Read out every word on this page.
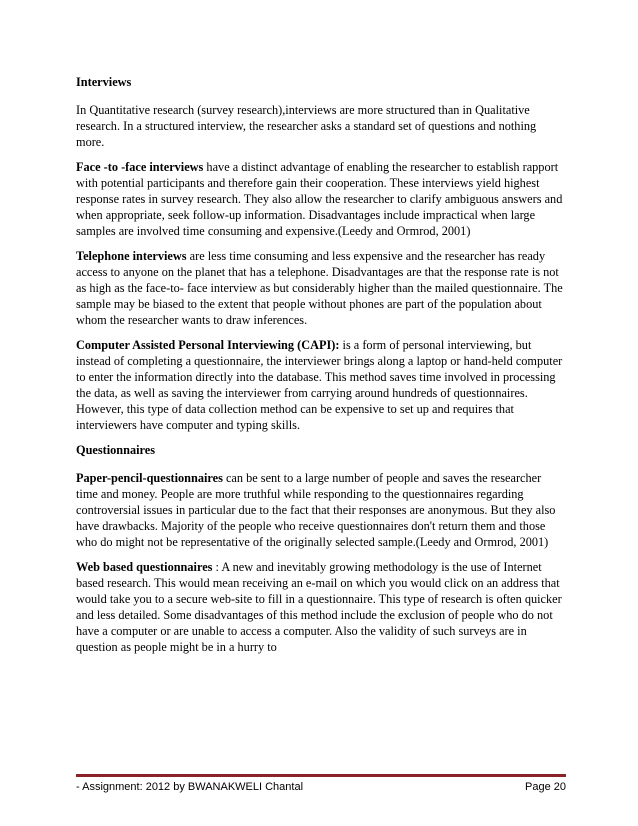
Interviews

In Quantitative research (survey research),interviews are more structured than in Qualitative research. In a structured interview, the researcher asks a standard set of questions and nothing more.

Face -to -face interviews have a distinct advantage of enabling the researcher to establish rapport with potential participants and therefore gain their cooperation. These interviews yield highest response rates in survey research. They also allow the researcher to clarify ambiguous answers and when appropriate, seek follow-up information. Disadvantages include impractical when large samples are involved time consuming and expensive.(Leedy and Ormrod, 2001)

Telephone interviews are less time consuming and less expensive and the researcher has ready access to anyone on the planet that has a telephone. Disadvantages are that the response rate is not as high as the face-to- face interview as but considerably higher than the mailed questionnaire. The sample may be biased to the extent that people without phones are part of the population about whom the researcher wants to draw inferences.

Computer Assisted Personal Interviewing (CAPI): is a form of personal interviewing, but instead of completing a questionnaire, the interviewer brings along a laptop or hand-held computer to enter the information directly into the database. This method saves time involved in processing the data, as well as saving the interviewer from carrying around hundreds of questionnaires. However, this type of data collection method can be expensive to set up and requires that interviewers have computer and typing skills.

Questionnaires

Paper-pencil-questionnaires can be sent to a large number of people and saves the researcher time and money. People are more truthful while responding to the questionnaires regarding controversial issues in particular due to the fact that their responses are anonymous. But they also have drawbacks. Majority of the people who receive questionnaires don't return them and those who do might not be representative of the originally selected sample.(Leedy and Ormrod, 2001)

Web based questionnaires : A new and inevitably growing methodology is the use of Internet based research. This would mean receiving an e-mail on which you would click on an address that would take you to a secure web-site to fill in a questionnaire. This type of research is often quicker and less detailed. Some disadvantages of this method include the exclusion of people who do not have a computer or are unable to access a computer. Also the validity of such surveys are in question as people might be in a hurry to

- Assignment: 2012 by BWANAKWELI Chantal	Page 20
